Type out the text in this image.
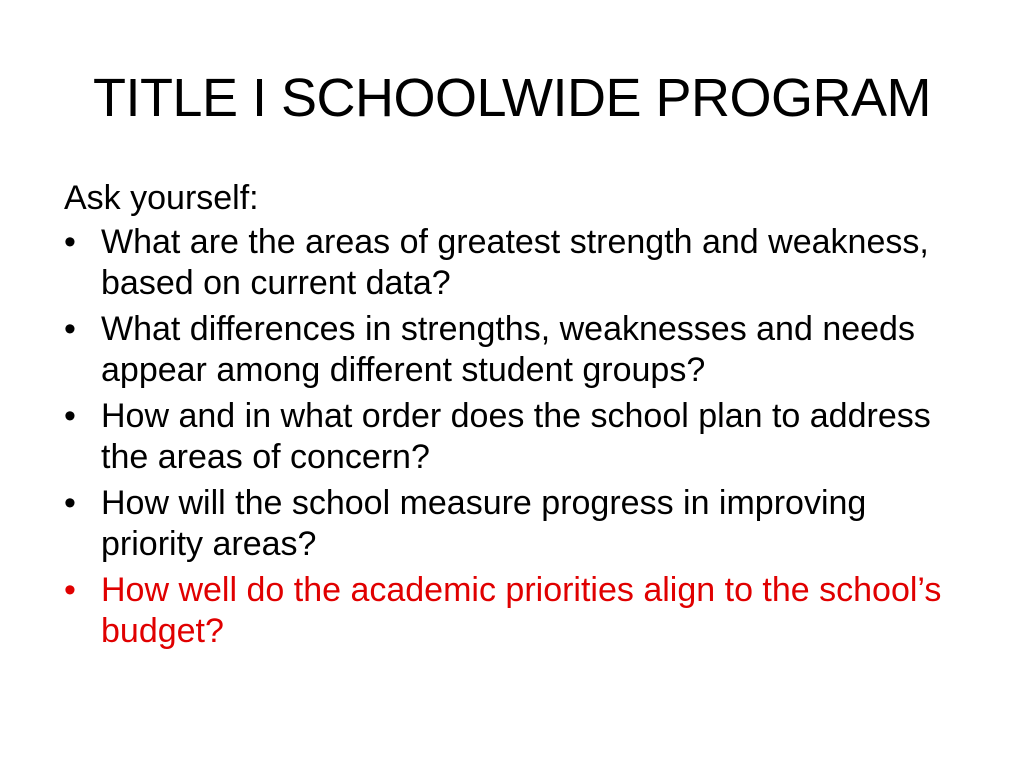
TITLE I SCHOOLWIDE PROGRAM

Ask yourself:

• What are the areas of greatest strength and weakness, based on current data?
• What differences in strengths, weaknesses and needs appear among different student groups?
• How and in what order does the school plan to address the areas of concern?
• How will the school measure progress in improving priority areas?
• How well do the academic priorities align to the school’s budget?
